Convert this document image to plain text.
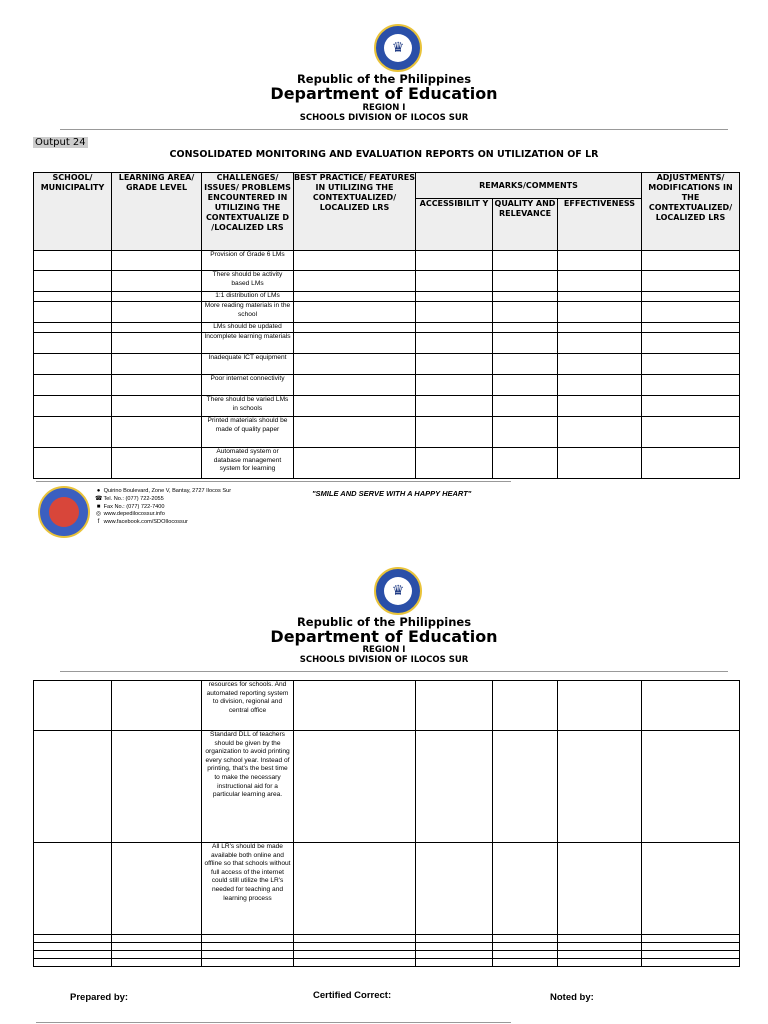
♛
Republic of the Philippines
Department of Education
REGION I
SCHOOLS DIVISION OF ILOCOS SUR
Output 24
CONSOLIDATED MONITORING AND EVALUATION REPORTS ON UTILIZATION OF LR
SCHOOL/ MUNICIPALITY	LEARNING AREA/ GRADE LEVEL	CHALLENGES/ ISSUES/ PROBLEMS ENCOUNTERED IN UTILIZING THE CONTEXTUALIZE D /LOCALIZED LRS	BEST PRACTICE/ FEATURES IN UTILIZING THE CONTEXTUALIZED/ LOCALIZED LRS	REMARKS/COMMENTS			ADJUSTMENTS/ MODIFICATIONS IN THE CONTEXTUALIZED/ LOCALIZED LRS
				ACCESSIBILIT Y	QUALITY AND RELEVANCE	EFFECTIVENESS	
		Provision of Grade 6 LMs					
		There should be activity based LMs					
		1:1 distribution of LMs					
		More reading materials in the school					
		LMs should be updated					
		Incomplete learning materials					
		Inadequate ICT equipment					
		Poor internet connectivity					
		There should be varied LMs in schools					
		Printed materials should be made of quality paper					
		Automated system or database management system for learning					
● Quirino Boulevard, Zone V, Bantay, 2727 Ilocos Sur
☎ Tel. No.: (077) 722-2055
■ Fax No.: (077) 722-7400
◎ www.depedilocossur.info
f www.facebook.com/SDOIlocossur
"SMILE AND SERVE WITH A HAPPY HEART"
♛
Republic of the Philippines
Department of Education
REGION I
SCHOOLS DIVISION OF ILOCOS SUR
		resources for schools. And automated reporting system to division, regional and central office					
		Standard DLL of teachers should be given by the organization to avoid printing every school year. Instead of printing, that's the best time to make the necessary instructional aid for a particular learning area.					
		All LR's should be made available both online and offline so that schools without full access of the internet could still utilize the LR's needed for teaching and learning process					

Prepared by:	Certified Correct:	Noted by:
